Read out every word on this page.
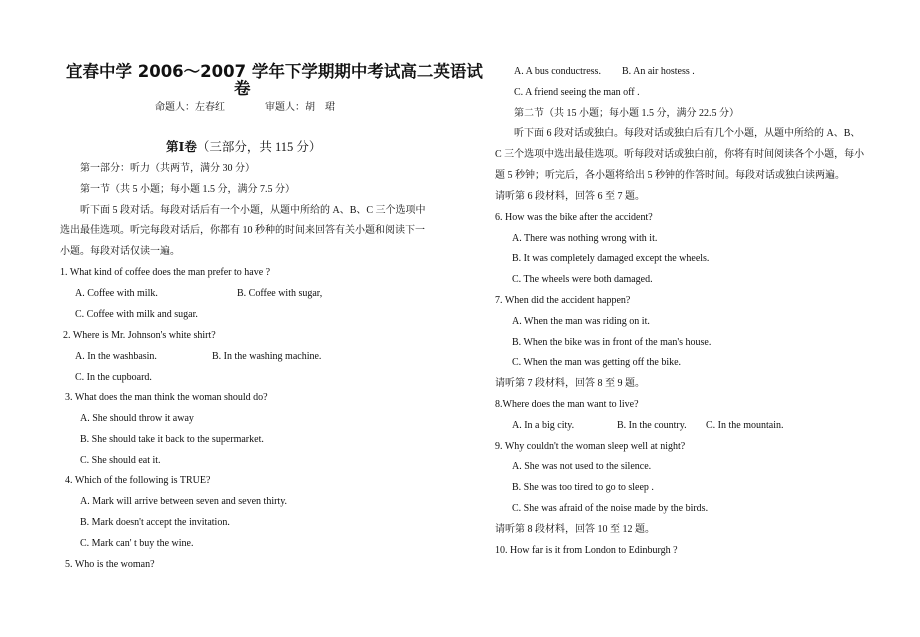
宜春中学 2006～2007 学年下学期期中考试高二英语试
卷
命题人：左春红　　　　审题人：胡　珺
第Ⅰ卷（三部分，共 115 分）
第一部分：听力（共两节，满分 30 分）
第一节（共 5 小题；每小题 1.5 分，满分 7.5 分）
听下面 5 段对话。每段对话后有一个小题，从题中所给的 A、B、C 三个选项中
选出最佳选项。听完每段对话后，你都有 10 秒种的时间来回答有关小题和阅读下一
小题。每段对话仅读一遍。
1. What kind of coffee does the man prefer to have ?
A. Coffee with milk.	B. Coffee with sugar,
C. Coffee with milk and sugar.
2. Where is Mr. Johnson's white shirt?
A. In the washbasin.	B. In the washing machine.
C. In the cupboard.
3. What does the man think the woman should do?
A. She should throw it away
B. She should take it back to the supermarket.
C. She should eat it.
4. Which of the following is TRUE?
A. Mark will arrive between seven and seven thirty.
B. Mark doesn't accept the invitation.
C. Mark can' t buy the wine.
5. Who is the woman?
A. A bus conductress. B. An air hostess .
C. A friend seeing the man off .
第二节（共 15 小题；每小题 1.5 分，满分 22.5 分）
听下面 6 段对话或独白。每段对话或独白后有几个小题，从题中所给的 A、B、
C 三个选项中选出最佳选项。听每段对话或独白前，你将有时间阅读各个小题，每小
题 5 秒钟；听完后，各小题将给出 5 秒钟的作答时间。每段对话或独白读两遍。
请听第 6 段材料，回答 6 至 7 题。
6. How was the bike after the accident?
A. There was nothing wrong with it.
B. It was completely damaged except the wheels.
C. The wheels were both damaged.
7. When did the accident happen?
A. When the man was riding on it.
B. When the bike was in front of the man's house.
C. When the man was getting off the bike.
请听第 7 段材料，回答 8 至 9 题。
8.Where does the man want to live?
A. In a big city.	B. In the country. C. In the mountain.
9. Why couldn't the woman sleep well at night?
A. She was not used to the silence.
B. She was too tired to go to sleep .
C. She was afraid of the noise made by the birds.
请听第 8 段材料，回答 10 至 12 题。
10. How far is it from London to Edinburgh ?
